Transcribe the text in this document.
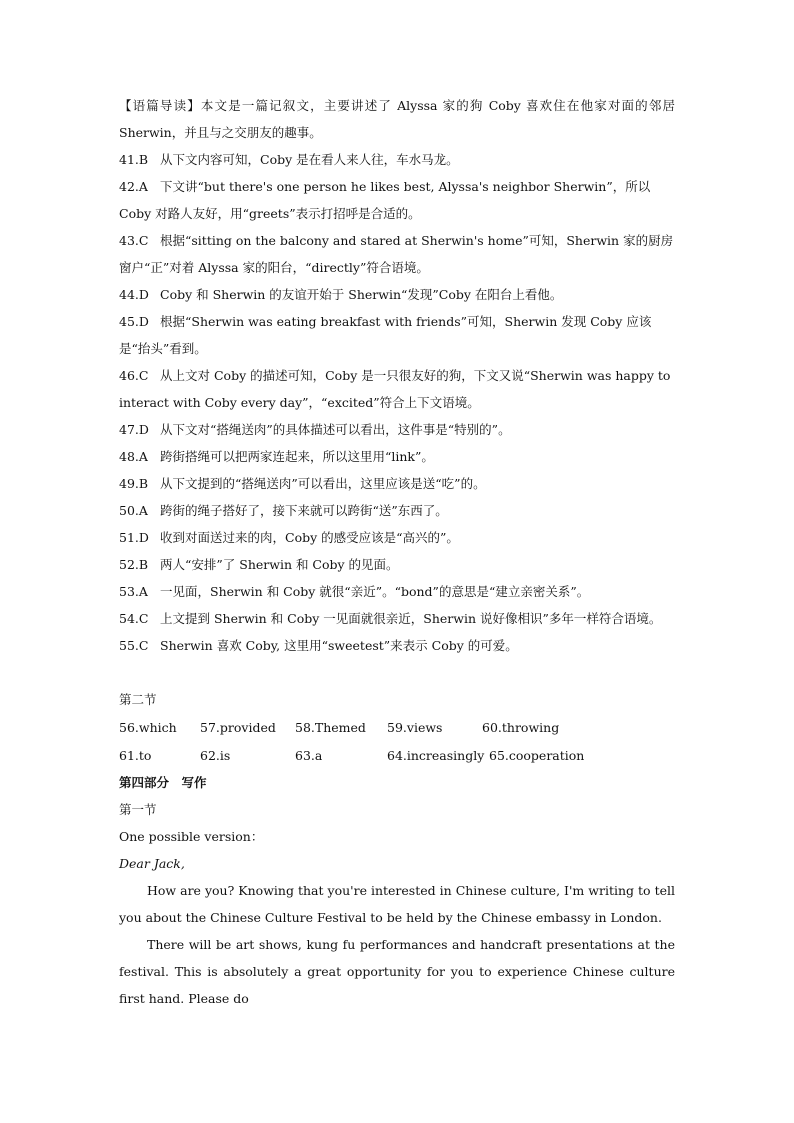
【语篇导读】本文是一篇记叙文，主要讲述了 Alyssa 家的狗 Coby 喜欢住在他家对面的邻居 Sherwin，并且与之交朋友的趣事。
41.B 从下文内容可知，Coby 是在看人来人往，车水马龙。
42.A 下文讲“but there's one person he likes best, Alyssa's neighbor Sherwin”，所以 Coby 对路人友好，用“greets”表示打招呼是合适的。
43.C 根据“sitting on the balcony and stared at Sherwin's home”可知，Sherwin 家的厨房窗户“正”对着 Alyssa 家的阳台，“directly”符合语境。
44.D Coby 和 Sherwin 的友谊开始于 Sherwin“发现”Coby 在阳台上看他。
45.D 根据“Sherwin was eating breakfast with friends”可知，Sherwin 发现 Coby 应该是“抬头”看到。
46.C 从上文对 Coby 的描述可知，Coby 是一只很友好的狗，下文又说“Sherwin was happy to interact with Coby every day”，“excited”符合上下文语境。
47.D 从下文对“搭绳送肉”的具体描述可以看出，这件事是“特别的”。
48.A 跨街搭绳可以把两家连起来，所以这里用“link”。
49.B 从下文提到的“搭绳送肉”可以看出，这里应该是送“吃”的。
50.A 跨街的绳子搭好了，接下来就可以跨街“送”东西了。
51.D 收到对面送过来的肉，Coby 的感受应该是“高兴的”。
52.B 两人“安排”了 Sherwin 和 Coby 的见面。
53.A 一见面，Sherwin 和 Coby 就很“亲近”。“bond”的意思是“建立亲密关系”。
54.C 上文提到 Sherwin 和 Coby 一见面就很亲近，Sherwin 说好像相识”多年一样符合语境。
55.C Sherwin 喜欢 Coby, 这里用“sweetest”来表示 Coby 的可爱。
第二节
56.which	57.provided	58.Themed	59.views	60.throwing
61.to	62.is	63.a	64.increasingly 65.cooperation
第四部分　写作
第一节
One possible version：
Dear Jack,
How are you? Knowing that you're interested in Chinese culture, I'm writing to tell you about the Chinese Culture Festival to be held by the Chinese embassy in London.
There will be art shows, kung fu performances and handcraft presentations at the festival. This is absolutely a great opportunity for you to experience Chinese culture first hand. Please do
